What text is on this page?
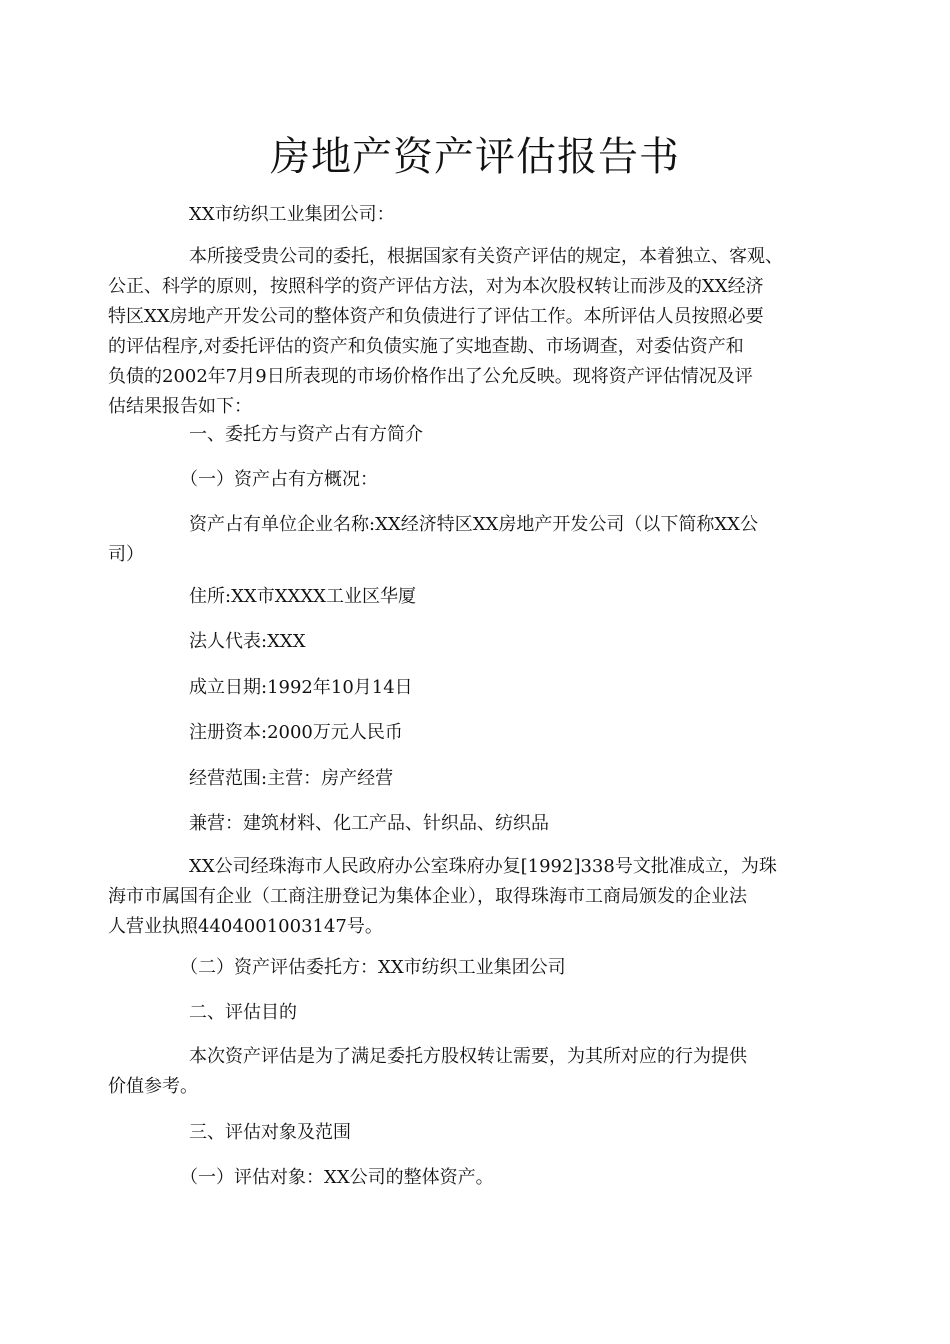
房地产资产评估报告书
XX市纺织工业集团公司：
本所接受贵公司的委托，根据国家有关资产评估的规定，本着独立、客观、
公正、科学的原则，按照科学的资产评估方法，对为本次股权转让而涉及的XX经济
特区XX房地产开发公司的整体资产和负债进行了评估工作。本所评估人员按照必要
的评估程序,对委托评估的资产和负债实施了实地查勘、市场调查，对委估资产和
负债的2002年7月9日所表现的市场价格作出了公允反映。现将资产评估情况及评
估结果报告如下：
一、委托方与资产占有方简介
（一）资产占有方概况：
资产占有单位企业名称:XX经济特区XX房地产开发公司（以下简称XX公
司）
住所:XX市XXXX工业区华厦
法人代表:XXX
成立日期:1992年10月14日
注册资本:2000万元人民币
经营范围:主营：房产经营
兼营：建筑材料、化工产品、针织品、纺织品
XX公司经珠海市人民政府办公室珠府办复[1992]338号文批准成立，为珠
海市市属国有企业（工商注册登记为集体企业），取得珠海市工商局颁发的企业法
人营业执照4404001003147号。
（二）资产评估委托方：XX市纺织工业集团公司
二、评估目的
本次资产评估是为了满足委托方股权转让需要，为其所对应的行为提供
价值参考。
三、评估对象及范围
（一）评估对象：XX公司的整体资产。
